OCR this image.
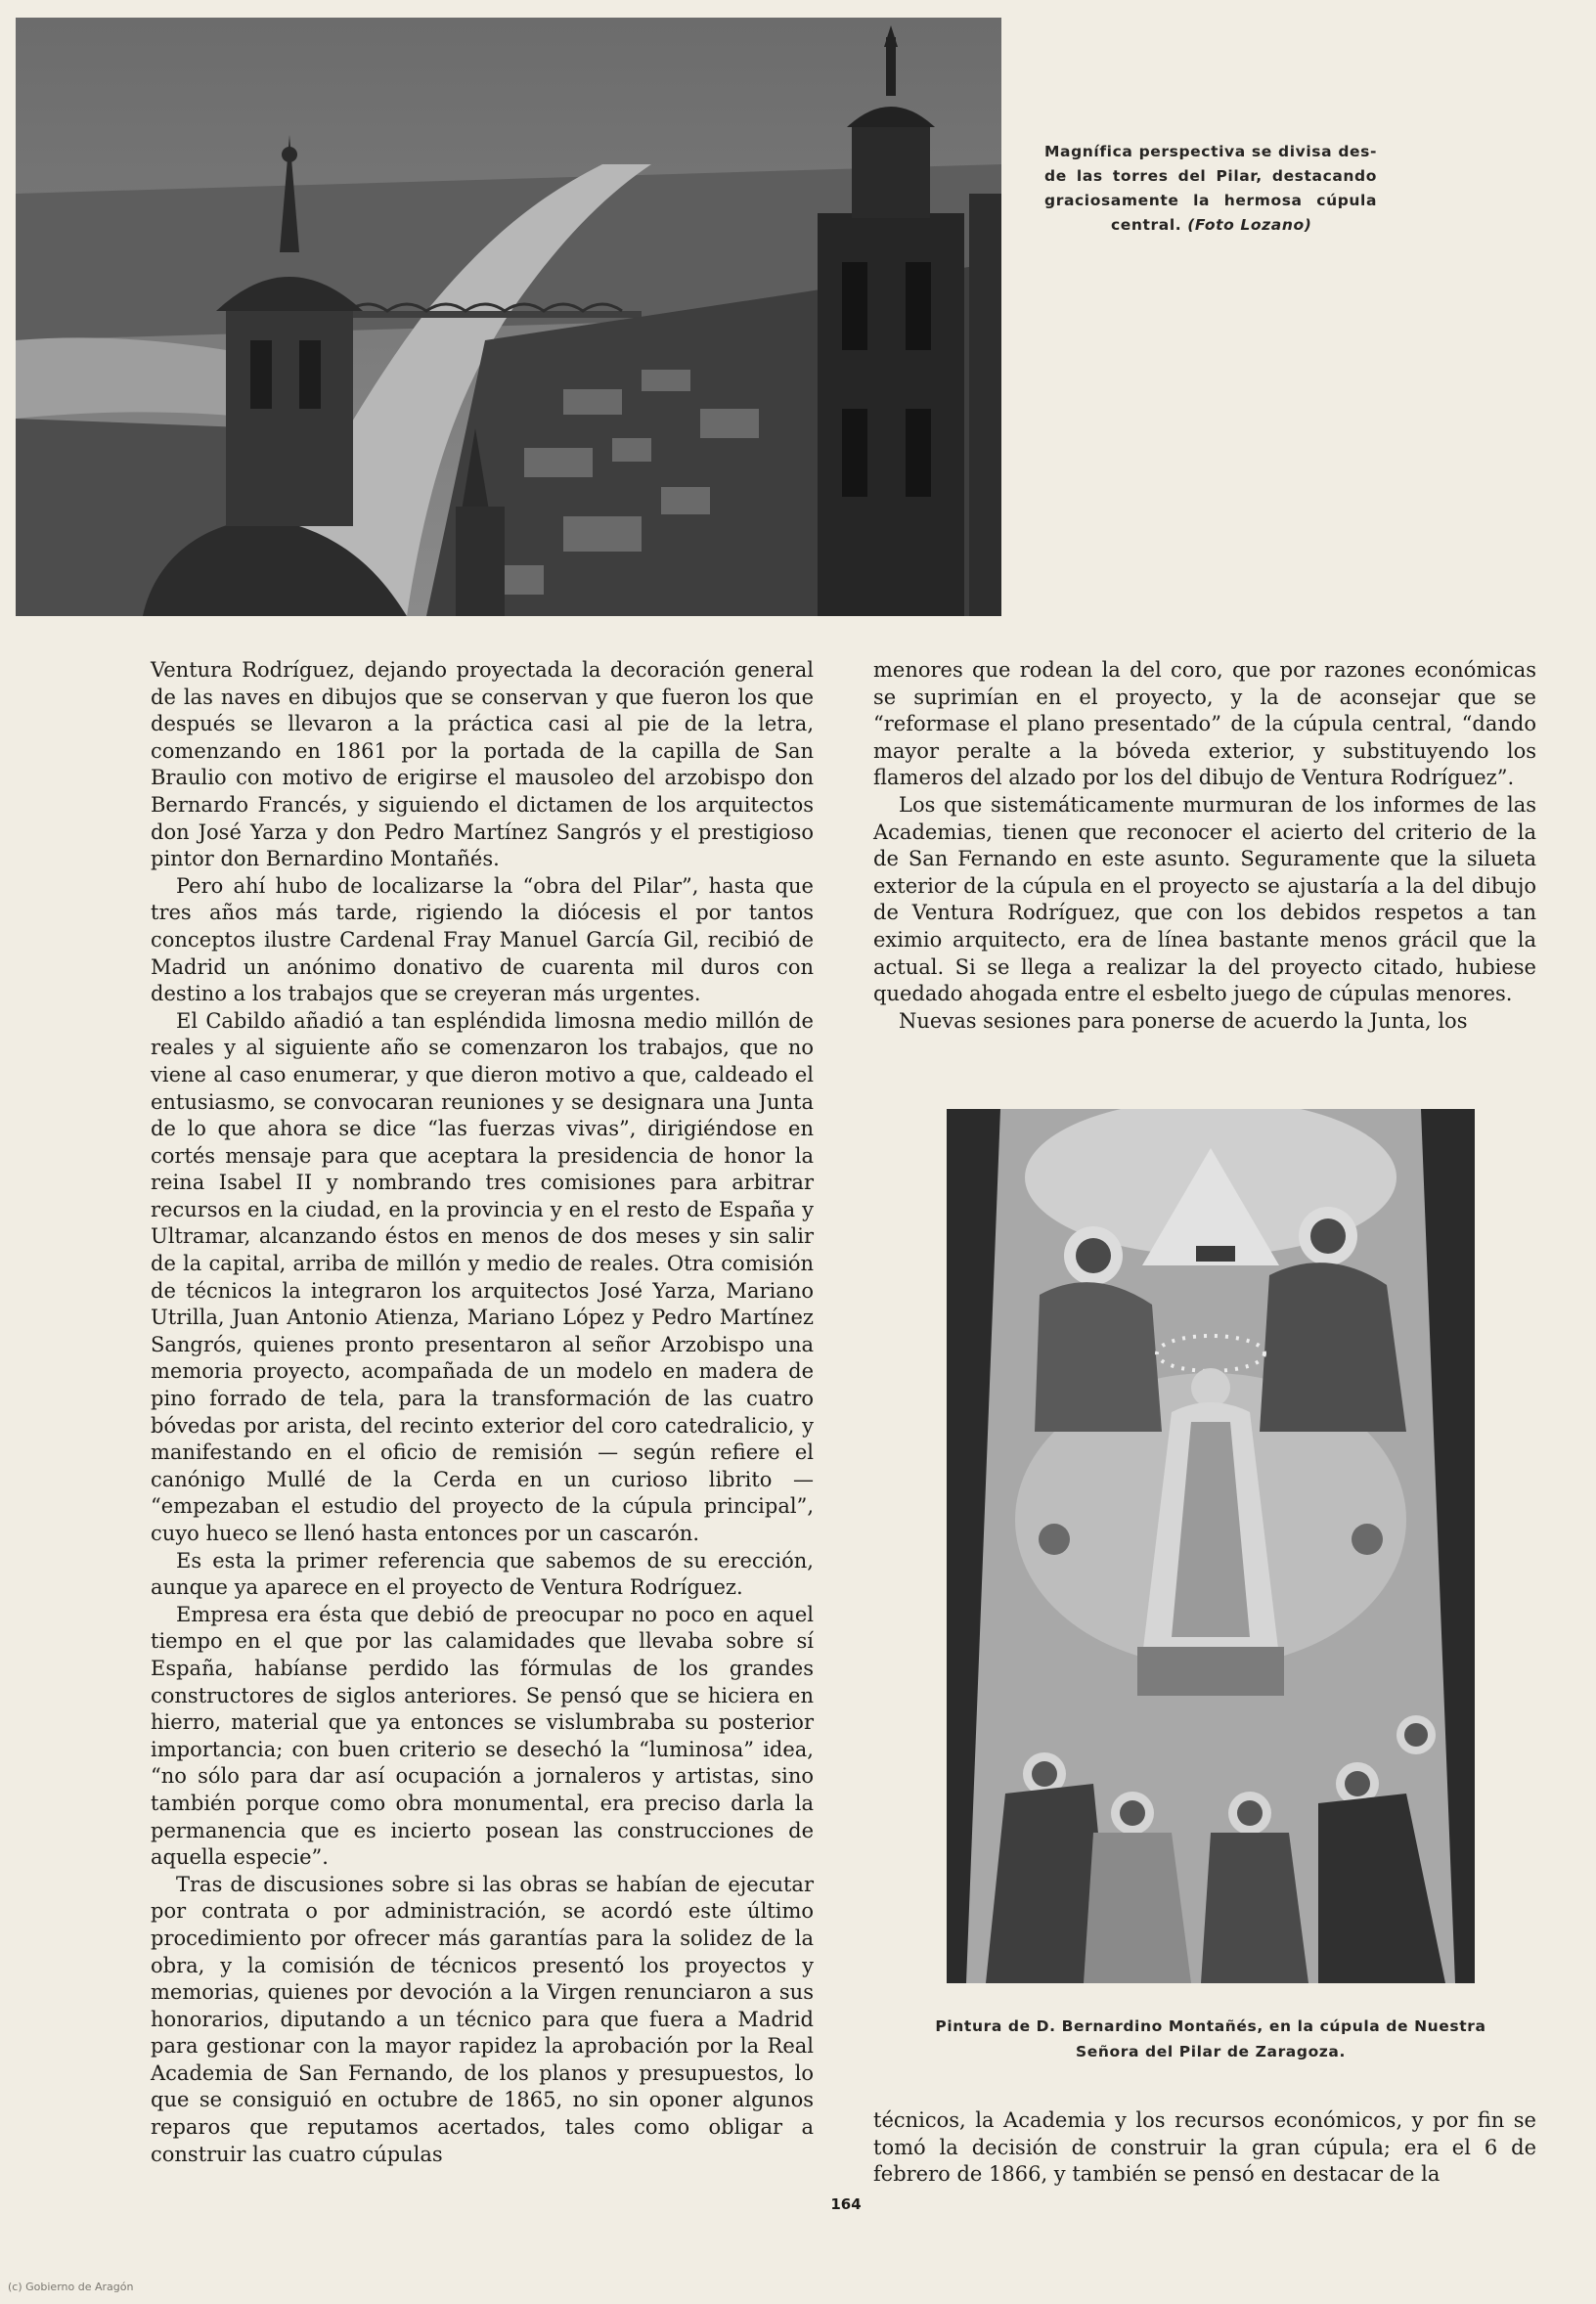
Magnífica perspectiva se divisa des-

de las torres del Pilar, destacando

graciosamente la hermosa cúpula

central. (Foto Lozano)

Ventura Rodríguez, dejando proyectada la decoración general de las naves en dibujos que se conservan y que fueron los que después se llevaron a la práctica casi al pie de la letra, comenzando en 1861 por la portada de la capilla de San Braulio con motivo de erigirse el mausoleo del arzobispo don Bernardo Francés, y siguiendo el dictamen de los arquitectos don José Yarza y don Pedro Martínez Sangrós y el prestigioso pintor don Bernardino Montañés.

Pero ahí hubo de localizarse la “obra del Pilar”, hasta que tres años más tarde, rigiendo la diócesis el por tantos conceptos ilustre Cardenal Fray Manuel García Gil, recibió de Madrid un anónimo donativo de cuarenta mil duros con destino a los trabajos que se creyeran más urgentes.

El Cabildo añadió a tan espléndida limosna medio millón de reales y al siguiente año se comenzaron los trabajos, que no viene al caso enumerar, y que dieron motivo a que, caldeado el entusiasmo, se convocaran reuniones y se designara una Junta de lo que ahora se dice “las fuerzas vivas”, dirigiéndose en cortés mensaje para que aceptara la presidencia de honor la reina Isabel II y nombrando tres comisiones para arbitrar recursos en la ciudad, en la provincia y en el resto de España y Ultramar, alcanzando éstos en menos de dos meses y sin salir de la capital, arriba de millón y medio de reales. Otra comisión de técnicos la integraron los arquitectos José Yarza, Mariano Utrilla, Juan Antonio Atienza, Mariano López y Pedro Martínez Sangrós, quienes pronto presentaron al señor Arzobispo una memoria proyecto, acompañada de un modelo en madera de pino forrado de tela, para la transformación de las cuatro bóvedas por arista, del recinto exterior del coro catedralicio, y manifestando en el oficio de remisión — según refiere el canónigo Mullé de la Cerda en un curioso librito — “empezaban el estudio del proyecto de la cúpula principal”, cuyo hueco se llenó hasta entonces por un cascarón.

Es esta la primer referencia que sabemos de su erección, aunque ya aparece en el proyecto de Ventura Rodríguez.

Empresa era ésta que debió de preocupar no poco en aquel tiempo en el que por las calamidades que llevaba sobre sí España, habíanse perdido las fórmulas de los grandes constructores de siglos anteriores. Se pensó que se hiciera en hierro, material que ya entonces se vislumbraba su posterior importancia; con buen criterio se desechó la “luminosa” idea, “no sólo para dar así ocupación a jornaleros y artistas, sino también porque como obra monumental, era preciso darla la permanencia que es incierto posean las construcciones de aquella especie”.

Tras de discusiones sobre si las obras se habían de ejecutar por contrata o por administración, se acordó este último procedimiento por ofrecer más garantías para la solidez de la obra, y la comisión de técnicos presentó los proyectos y memorias, quienes por devoción a la Virgen renunciaron a sus honorarios, diputando a un técnico para que fuera a Madrid para gestionar con la mayor rapidez la aprobación por la Real Academia de San Fernando, de los planos y presupuestos, lo que se consiguió en octubre de 1865, no sin oponer algunos reparos que reputamos acertados, tales como obligar a construir las cuatro cúpulas

menores que rodean la del coro, que por razones económicas se suprimían en el proyecto, y la de aconsejar que se “reformase el plano presentado” de la cúpula central, “dando mayor peralte a la bóveda exterior, y substituyendo los flameros del alzado por los del dibujo de Ventura Rodríguez”.

Los que sistemáticamente murmuran de los informes de las Academias, tienen que reconocer el acierto del criterio de la de San Fernando en este asunto. Seguramente que la silueta exterior de la cúpula en el proyecto se ajustaría a la del dibujo de Ventura Rodríguez, que con los debidos respetos a tan eximio arquitecto, era de línea bastante menos grácil que la actual. Si se llega a realizar la del proyecto citado, hubiese quedado ahogada entre el esbelto juego de cúpulas menores.

Nuevas sesiones para ponerse de acuerdo la Junta, los

Pintura de D. Bernardino Montañés, en la cúpula de Nuestra

Señora del Pilar de Zaragoza.

técnicos, la Academia y los recursos económicos, y por fin se tomó la decisión de construir la gran cúpula; era el 6 de febrero de 1866, y también se pensó en destacar de la

164
(c) Gobierno de Aragón
